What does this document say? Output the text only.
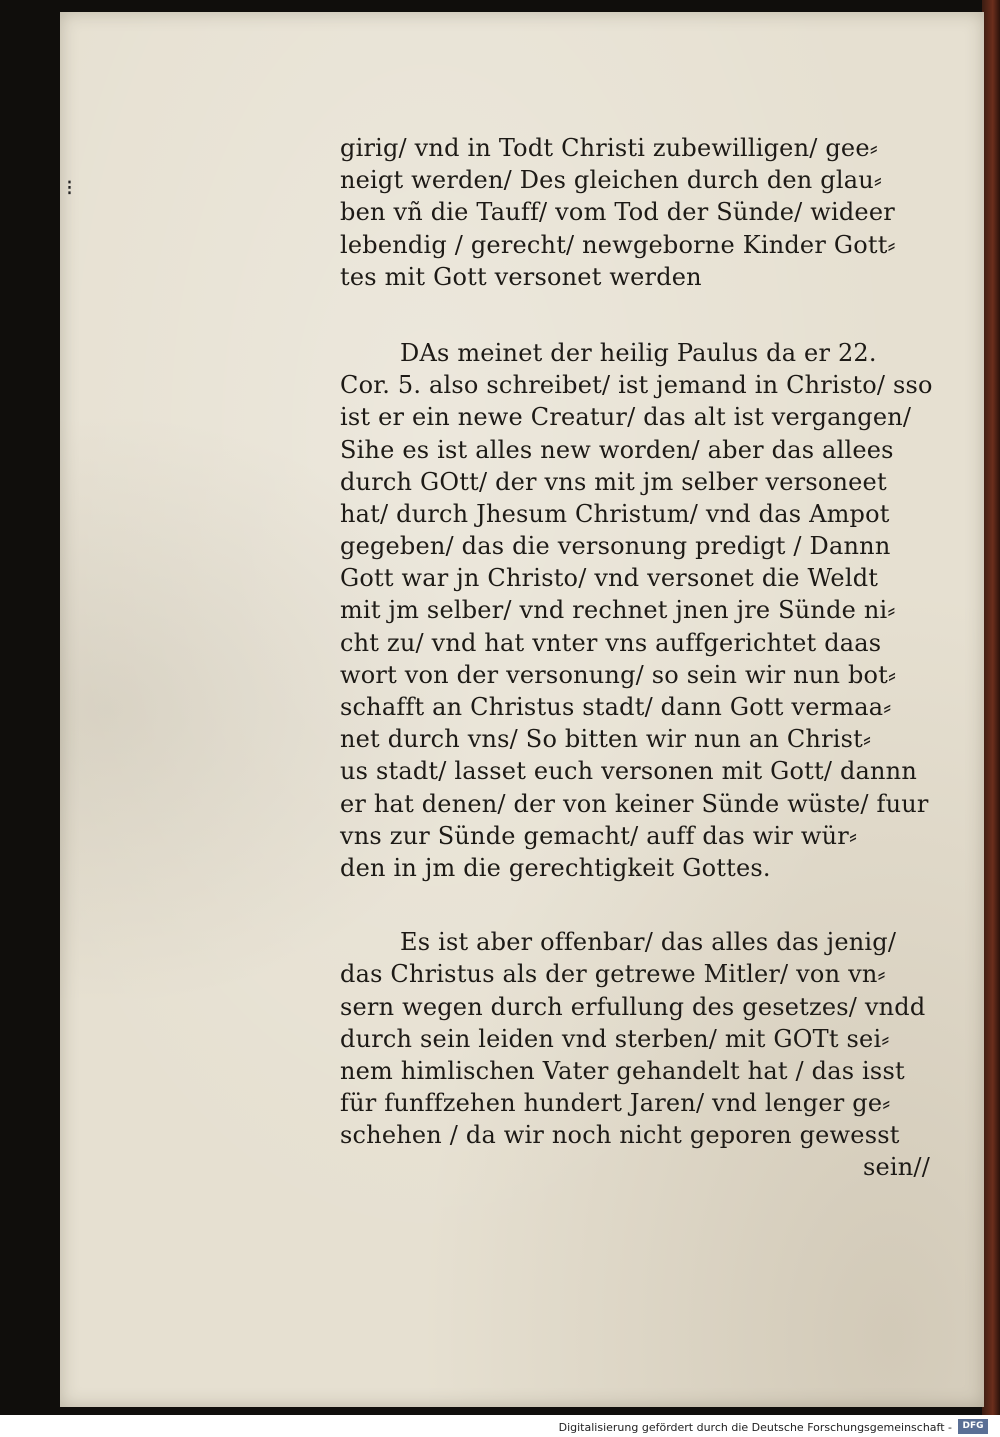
⁝
girig/ vnd in Todt Christi zubewilligen/ gee⸗
neigt werden/ Des gleichen durch den glau⸗
ben vñ die Tauff/ vom Tod der Sünde/ wideer
lebendig / gerecht/ newgeborne Kinder Gott⸗
tes mit Gott versonet werden
DAs meinet der heilig Paulus da er 22.
Cor. 5. also schreibet/ ist jemand in Christo/ sso
ist er ein newe Creatur/ das alt ist vergangen/
Sihe es ist alles new worden/ aber das allees
durch GOtt/ der vns mit jm selber versoneet
hat/ durch Jhesum Christum/ vnd das Ampot
gegeben/ das die versonung predigt / Dannn
Gott war jn Christo/ vnd versonet die Weldt
mit jm selber/ vnd rechnet jnen jre Sünde ni⸗
cht zu/ vnd hat vnter vns auffgerichtet daas
wort von der versonung/ so sein wir nun bot⸗
schafft an Christus stadt/ dann Gott vermaa⸗
net durch vns/ So bitten wir nun an Christ⸗
us stadt/ lasset euch versonen mit Gott/ dannn
er hat denen/ der von keiner Sünde wüste/ fuur
vns zur Sünde gemacht/ auff das wir wür⸗
den in jm die gerechtigkeit Gottes.
Es ist aber offenbar/ das alles das jenig/
das Christus als der getrewe Mitler/ von vn⸗
sern wegen durch erfullung des gesetzes/ vndd
durch sein leiden vnd sterben/ mit GOTt sei⸗
nem himlischen Vater gehandelt hat / das isst
für funffzehen hundert Jaren/ vnd lenger ge⸗
schehen / da wir noch nicht geporen gewesst
sein//
Digitalisierung gefördert durch die Deutsche Forschungsgemeinschaft -	DFG
